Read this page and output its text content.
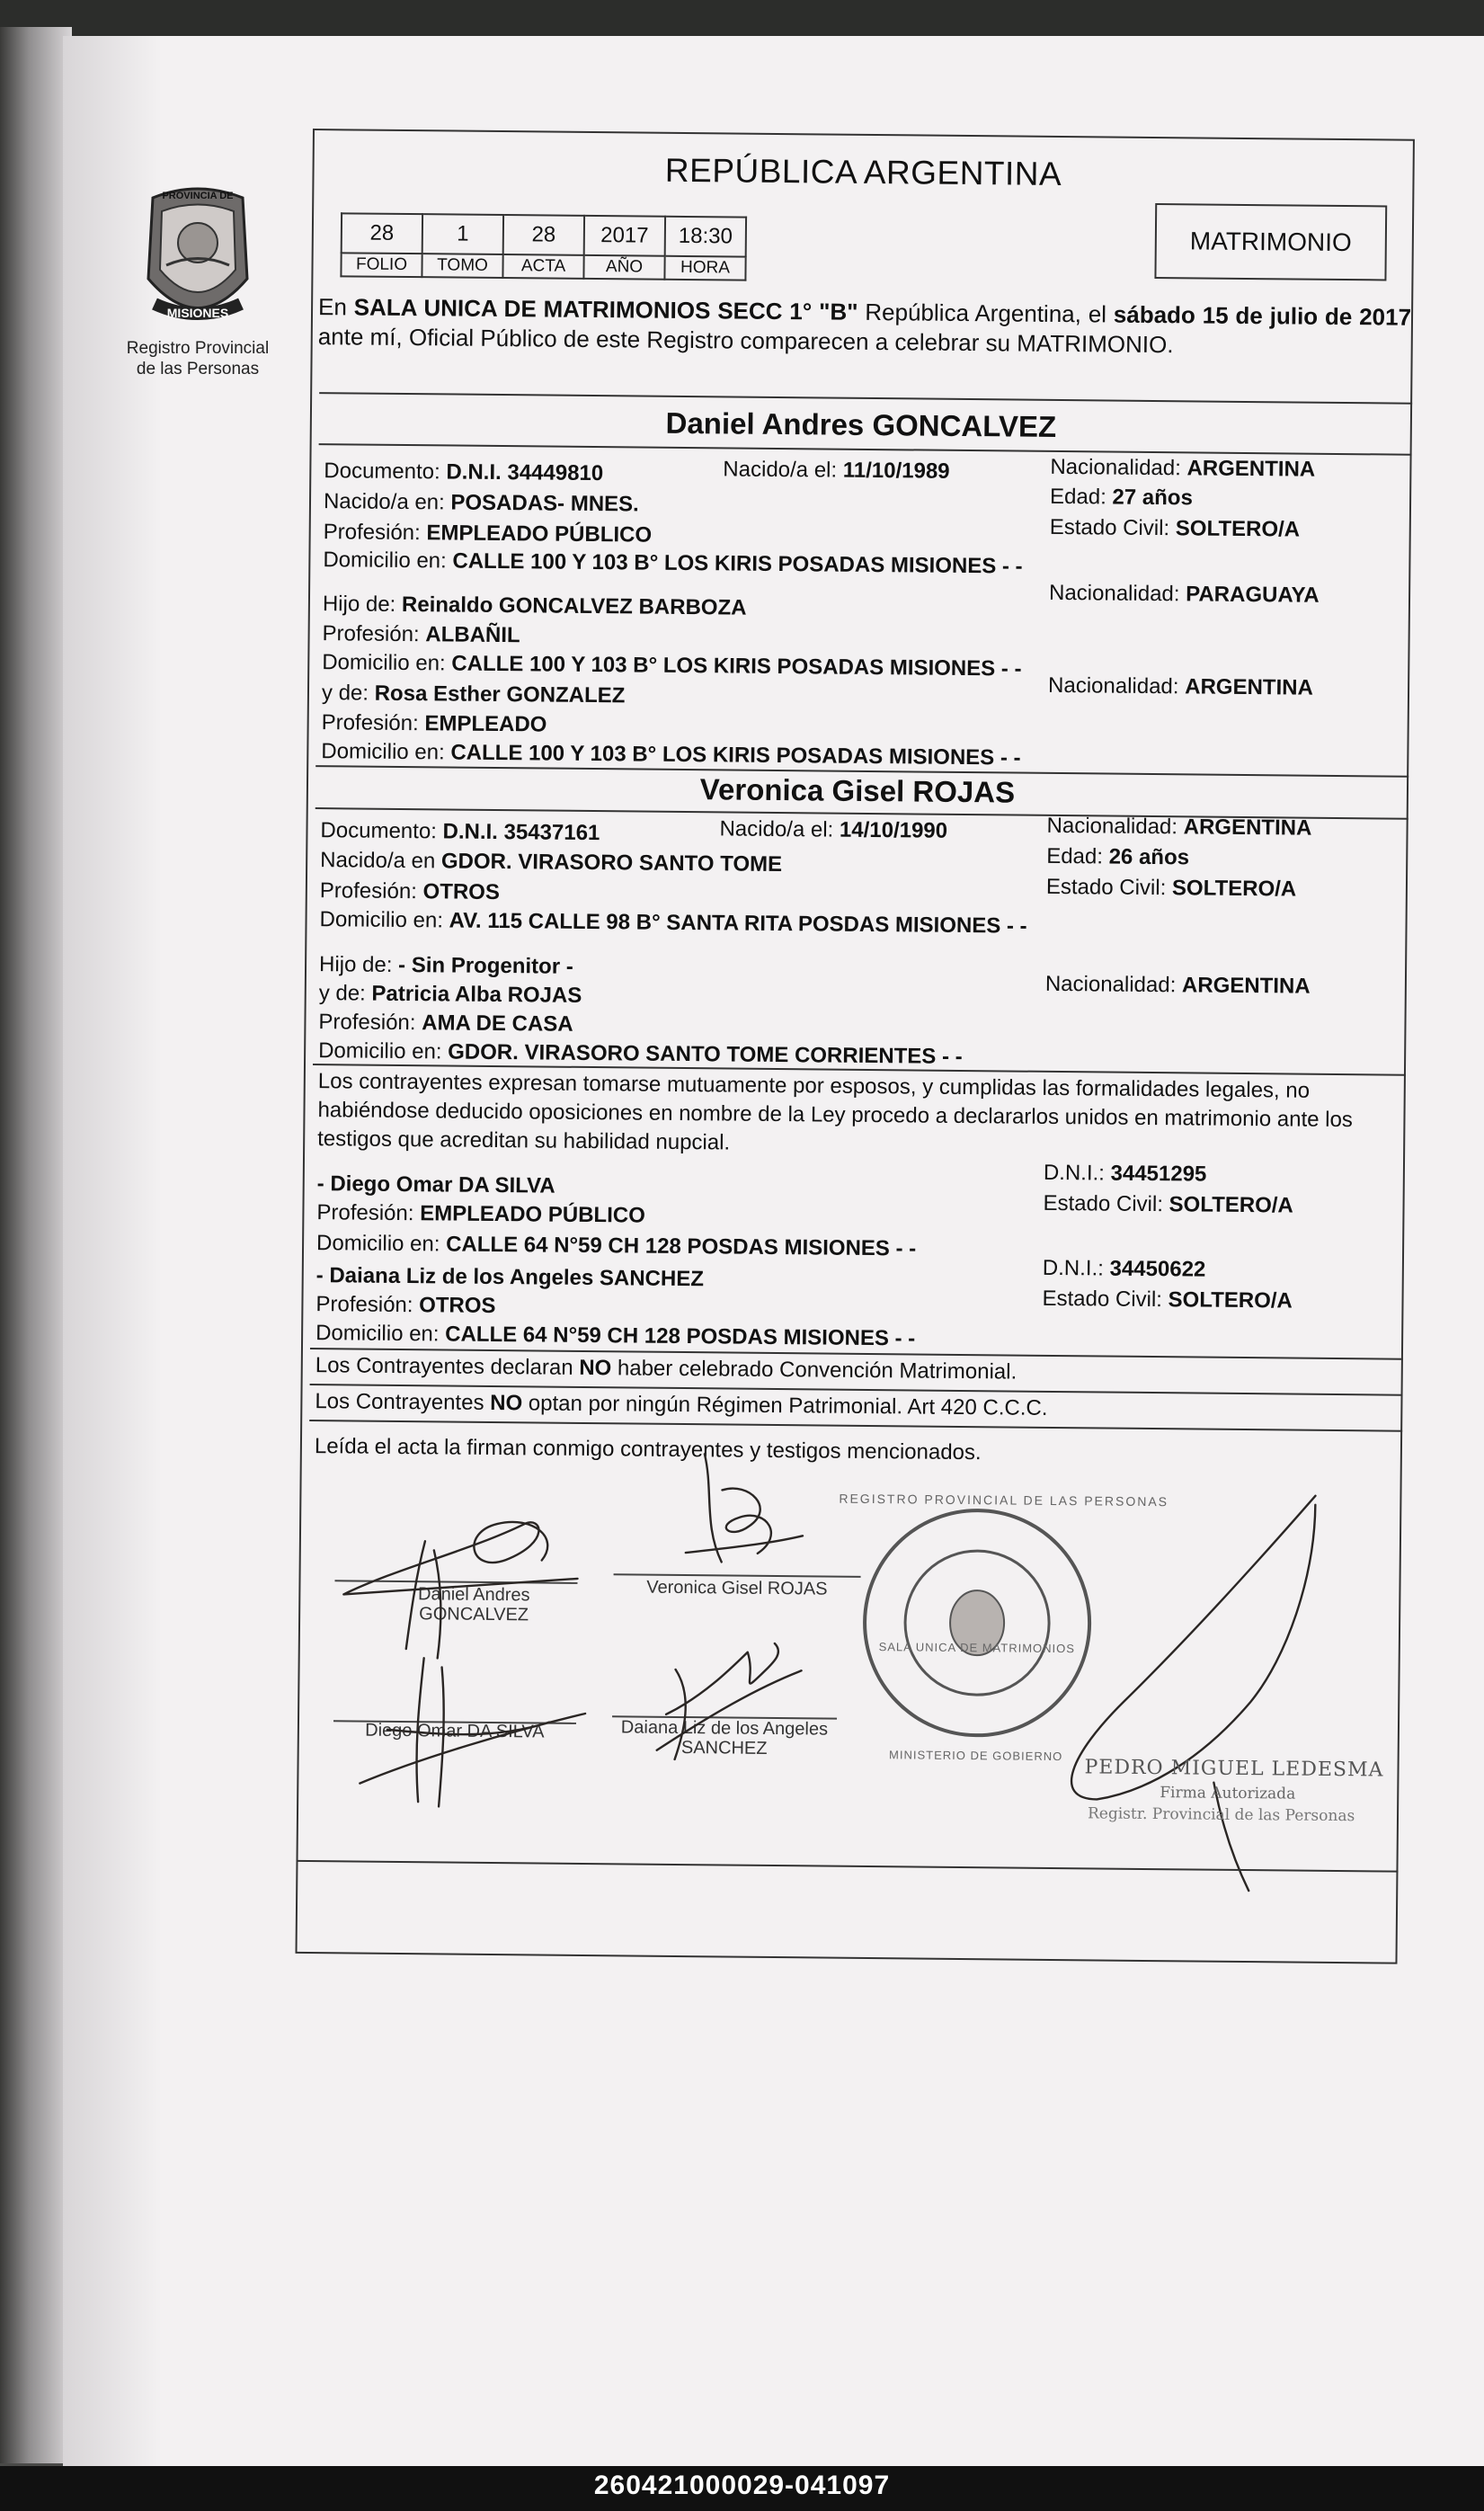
PROVINCIA DE
MISIONES
Registro Provincial
de las Personas
REPÚBLICA ARGENTINA
28	1	28	2017	18:30
FOLIO	TOMO	ACTA	AÑO	HORA
MATRIMONIO
En SALA UNICA DE MATRIMONIOS SECC 1° "B" República Argentina, el sábado 15 de julio de 2017 ante mí, Oficial Público de este Registro comparecen a celebrar su MATRIMONIO.
Daniel Andres GONCALVEZ
Documento: D.N.I. 34449810	Nacido/a el: 11/10/1989	Nacionalidad: ARGENTINA
Nacido/a en: POSADAS- MNES.	Edad: 27 años
Profesión: EMPLEADO PÚBLICO	Estado Civil: SOLTERO/A
Domicilio en: CALLE 100 Y 103 B° LOS KIRIS POSADAS MISIONES - -
Hijo de: Reinaldo GONCALVEZ BARBOZA	Nacionalidad: PARAGUAYA
Profesión: ALBAÑIL
Domicilio en: CALLE 100 Y 103 B° LOS KIRIS POSADAS MISIONES - -
y de: Rosa Esther GONZALEZ	Nacionalidad: ARGENTINA
Profesión: EMPLEADO
Domicilio en: CALLE 100 Y 103 B° LOS KIRIS POSADAS MISIONES - -
Veronica Gisel ROJAS
Documento: D.N.I. 35437161	Nacido/a el: 14/10/1990	Nacionalidad: ARGENTINA
Nacido/a en GDOR. VIRASORO SANTO TOME	Edad: 26 años
Profesión: OTROS	Estado Civil: SOLTERO/A
Domicilio en: AV. 115 CALLE 98 B° SANTA RITA POSDAS MISIONES - -
Hijo de: - Sin Progenitor -
y de: Patricia Alba ROJAS	Nacionalidad: ARGENTINA
Profesión: AMA DE CASA
Domicilio en: GDOR. VIRASORO SANTO TOME CORRIENTES - -
Los contrayentes expresan tomarse mutuamente por esposos, y cumplidas las formalidades legales, no habiéndose deducido oposiciones en nombre de la Ley procedo a declararlos unidos en matrimonio ante los testigos que acreditan su habilidad nupcial.
- Diego Omar DA SILVA	D.N.I.: 34451295
Profesión: EMPLEADO PÚBLICO	Estado Civil: SOLTERO/A
Domicilio en: CALLE 64 N°59 CH 128 POSDAS MISIONES - -
- Daiana Liz de los Angeles SANCHEZ	D.N.I.: 34450622
Profesión: OTROS	Estado Civil: SOLTERO/A
Domicilio en: CALLE 64 N°59 CH 128 POSDAS MISIONES - -
Los Contrayentes declaran NO haber celebrado Convención Matrimonial.
Los Contrayentes NO optan por ningún Régimen Patrimonial. Art 420 C.C.C.
Leída el acta la firman conmigo contrayentes y testigos mencionados.
Daniel Andres
GONCALVEZ
Veronica Gisel ROJAS
Diego Omar DA SILVA	Daiana Liz de los Angeles
SANCHEZ
REGISTRO PROVINCIAL DE LAS PERSONAS
SALA UNICA DE MATRIMONIOS
MINISTERIO DE GOBIERNO
PEDRO MIGUEL LEDESMA
Firma Autorizada
Registr. Provincial de las Personas
260421000029-041097
